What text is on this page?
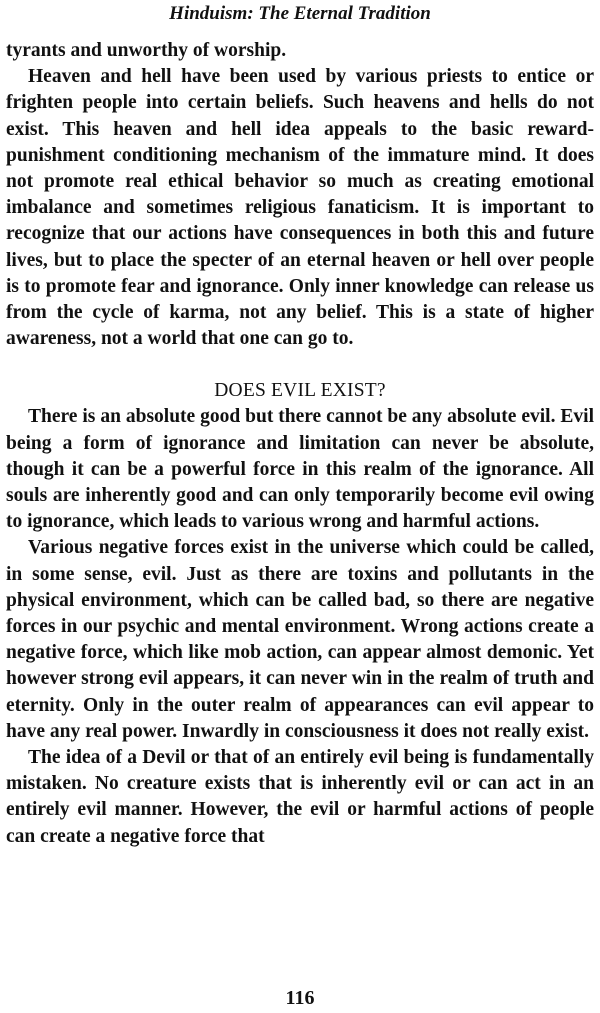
Hinduism: The Eternal Tradition

tyrants and unworthy of worship.

Heaven and hell have been used by various priests to entice or frighten people into certain beliefs. Such heavens and hells do not exist. This heaven and hell idea appeals to the basic reward-punishment conditioning mechanism of the immature mind. It does not promote real ethical behavior so much as creating emotional imbalance and sometimes religious fanaticism. It is important to recognize that our actions have consequences in both this and future lives, but to place the specter of an eternal heaven or hell over people is to promote fear and ignorance. Only inner knowledge can release us from the cycle of karma, not any belief. This is a state of higher awareness, not a world that one can go to.

DOES EVIL EXIST?

There is an absolute good but there cannot be any absolute evil. Evil being a form of ignorance and limitation can never be absolute, though it can be a powerful force in this realm of the ignorance. All souls are inherently good and can only temporarily become evil owing to ignorance, which leads to various wrong and harmful actions.

Various negative forces exist in the universe which could be called, in some sense, evil. Just as there are toxins and pollutants in the physical environment, which can be called bad, so there are negative forces in our psychic and mental environment. Wrong actions create a negative force, which like mob action, can appear almost demonic. Yet however strong evil appears, it can never win in the realm of truth and eternity. Only in the outer realm of appearances can evil appear to have any real power. Inwardly in consciousness it does not really exist.

The idea of a Devil or that of an entirely evil being is fundamentally mistaken. No creature exists that is inherently evil or can act in an entirely evil manner. However, the evil or harmful actions of people can create a negative force that

116
